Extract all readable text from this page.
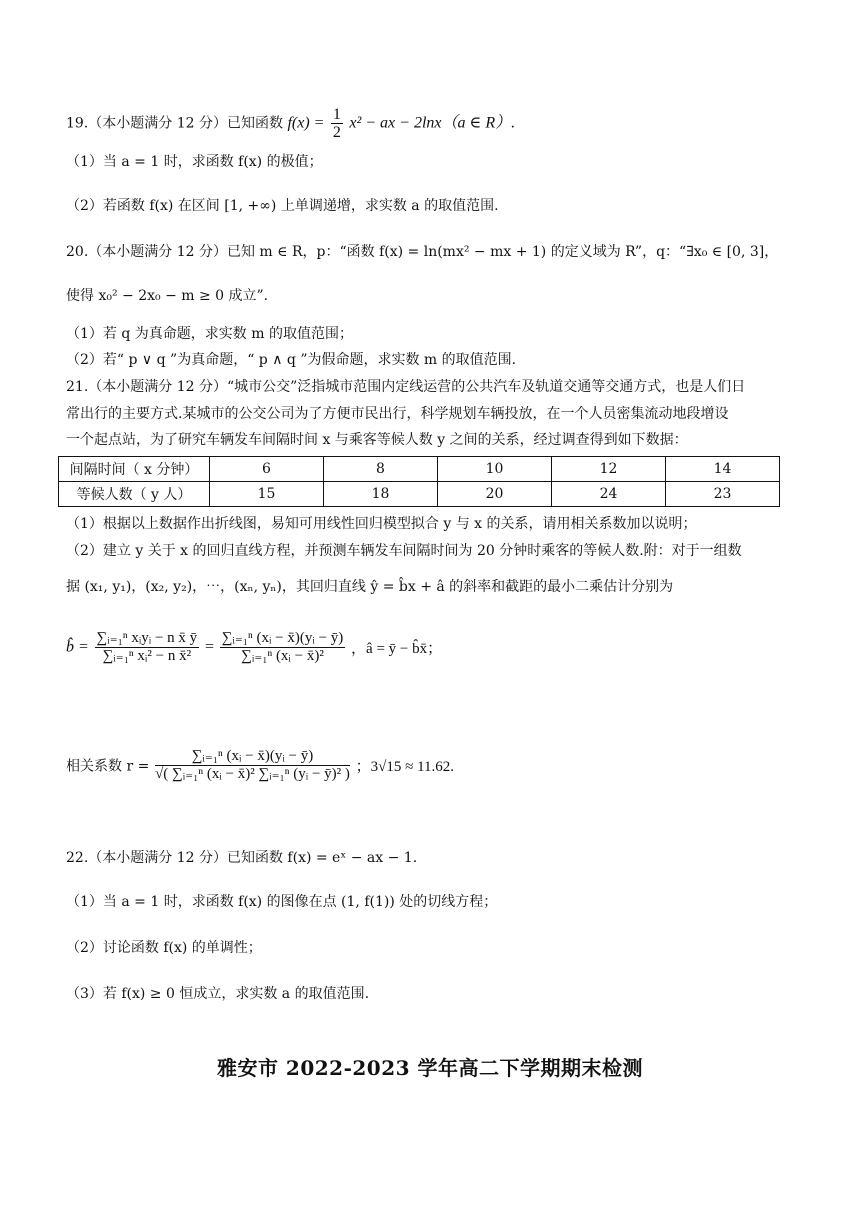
19.（本小题满分 12 分）已知函数 $f(x) = \frac{1}{2} x^2$ − ax − 2lnx（a ∈ R）.
（1）当 a = 1 时，求函数 f(x) 的极值；
（2）若函数 f(x) 在区间 [1, +∞) 上单调递增，求实数 a 的取值范围.
20.（本小题满分 12 分）已知 m ∈ R，p：“函数 f(x) = ln(mx² − mx + 1) 的定义域为 R”，q：“∃x₀ ∈ [0, 3]，
使得 x₀² − 2x₀ − m ≥ 0 成立”.
（1）若 q 为真命题，求实数 m 的取值范围；
（2）若“ p ∨ q ”为真命题，“ p ∧ q ”为假命题，求实数 m 的取值范围.
21.（本小题满分 12 分）“城市公交”泛指城市范围内定线运营的公共汽车及轨道交通等交通方式，也是人们日
常出行的主要方式.某城市的公交公司为了方便市民出行，科学规划车辆投放，在一个人员密集流动地段增设
一个起点站，为了研究车辆发车间隔时间 x 与乘客等候人数 y 之间的关系，经过调查得到如下数据：
间隔时间（ x 分钟）	6	8	10	12	14
等候人数（ y 人）	15	18	20	24	23
（1）根据以上数据作出折线图，易知可用线性回归模型拟合 y 与 x 的关系，请用相关系数加以说明；
（2）建立 y 关于 x 的回归直线方程，并预测车辆发车间隔时间为 20 分钟时乘客的等候人数.附：对于一组数
据 (x₁, y₁)，(x₂, y₂)，⋯，(xₙ, yₙ)，其回归直线 ŷ = b̂x + â 的斜率和截距的最小二乘估计分别为
b̂ = $\frac{\text{∑ᵢ₌₁ⁿ xᵢyᵢ − n x̄ ȳ}}{\text{∑ᵢ₌₁ⁿ xᵢ² − n x̄²}} = \frac{\text{∑ᵢ₌₁ⁿ (xᵢ − x̄)(yᵢ − ȳ)}}{\text{∑ᵢ₌₁ⁿ (xᵢ − x̄)²}}$ ，â = ȳ − b̂x̄；
相关系数 $r = \frac{\text{∑ᵢ₌₁ⁿ (xᵢ − x̄)(yᵢ − ȳ)}}{\text{√( ∑ᵢ₌₁ⁿ (xᵢ − x̄)² ∑ᵢ₌₁ⁿ (yᵢ − ȳ)² )}}$ ；3√15 ≈ 11.62.
22.（本小题满分 12 分）已知函数 f(x) = eˣ − ax − 1.
（1）当 a = 1 时，求函数 f(x) 的图像在点 (1, f(1)) 处的切线方程；
（2）讨论函数 f(x) 的单调性；
（3）若 f(x) ≥ 0 恒成立，求实数 a 的取值范围.
雅安市 2022-2023 学年高二下学期期末检测
